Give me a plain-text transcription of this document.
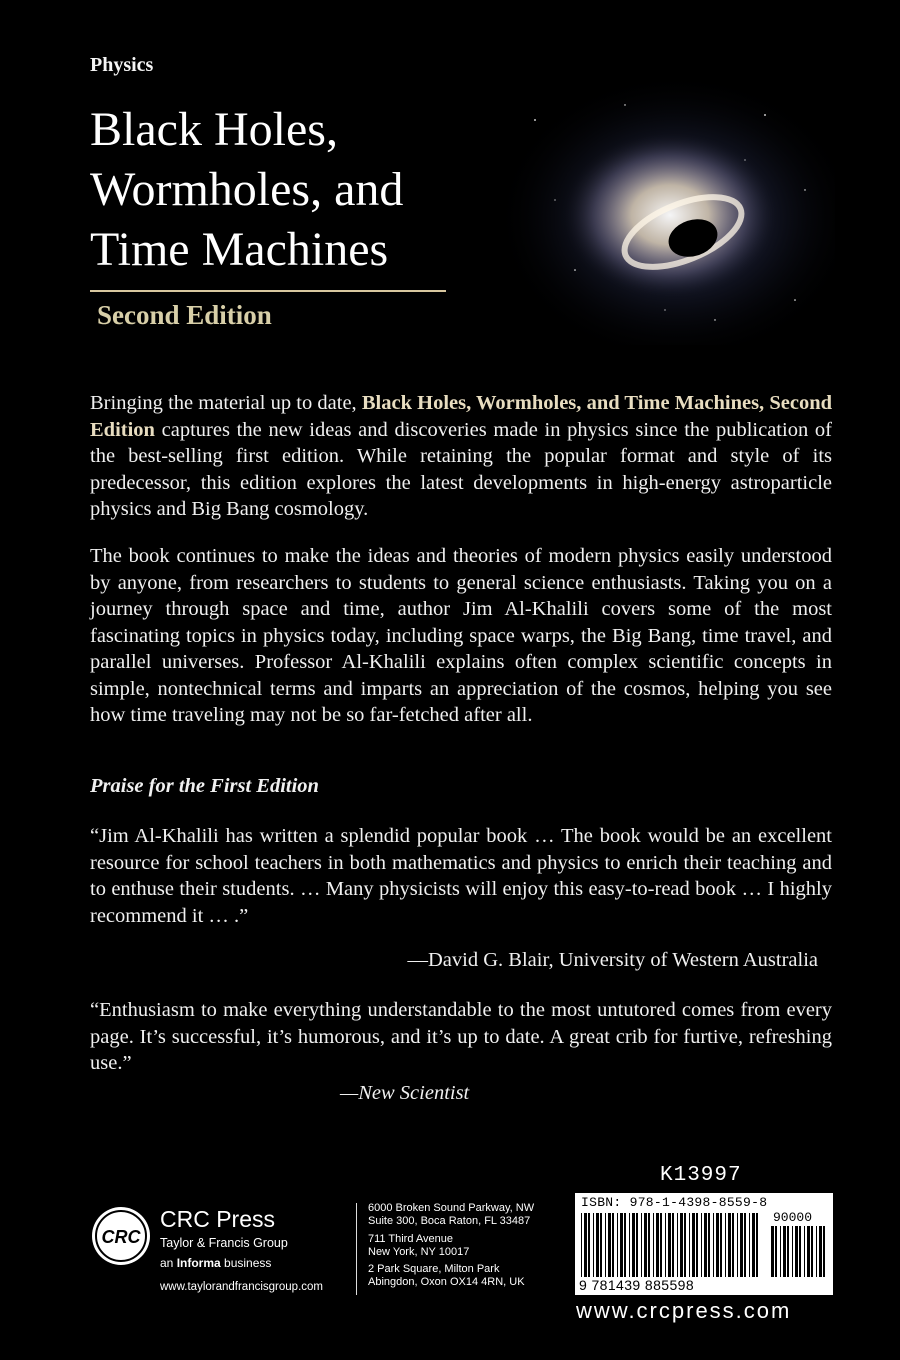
Physics
Black Holes,
Wormholes, and
Time Machines
Second Edition
Bringing the material up to date, Black Holes, Wormholes, and Time Machines, Second Edition captures the new ideas and discoveries made in physics since the publication of the best-selling first edition. While retaining the popular format and style of its predecessor, this edition explores the latest developments in high-energy astroparticle physics and Big Bang cosmology.
The book continues to make the ideas and theories of modern physics easily understood by anyone, from researchers to students to general science enthusiasts. Taking you on a journey through space and time, author Jim Al-Khalili covers some of the most fascinating topics in physics today, including space warps, the Big Bang, time travel, and parallel universes. Professor Al-Khalili explains often complex scientific concepts in simple, nontechnical terms and imparts an appreciation of the cosmos, helping you see how time traveling may not be so far-fetched after all.
Praise for the First Edition
“Jim Al-Khalili has written a splendid popular book … The book would be an excellent resource for school teachers in both mathematics and physics to enrich their teaching and to enthuse their students. … Many physicists will enjoy this easy-to-read book … I highly recommend it … .”
—David G. Blair, University of Western Australia
“Enthusiasm to make everything understandable to the most untutored comes from every page. It’s successful, it’s humorous, and it’s up to date. A great crib for furtive, refreshing use.”
—New Scientist
CRC
CRC Press
Taylor & Francis Group
an Informa business
www.taylorandfrancisgroup.com
6000 Broken Sound Parkway, NW
Suite 300, Boca Raton, FL 33487
711 Third Avenue
New York, NY 10017
2 Park Square, Milton Park
Abingdon, Oxon OX14 4RN, UK
K13997
ISBN: 978-1-4398-8559-8
90000
9 781439 885598
www.crcpress.com
